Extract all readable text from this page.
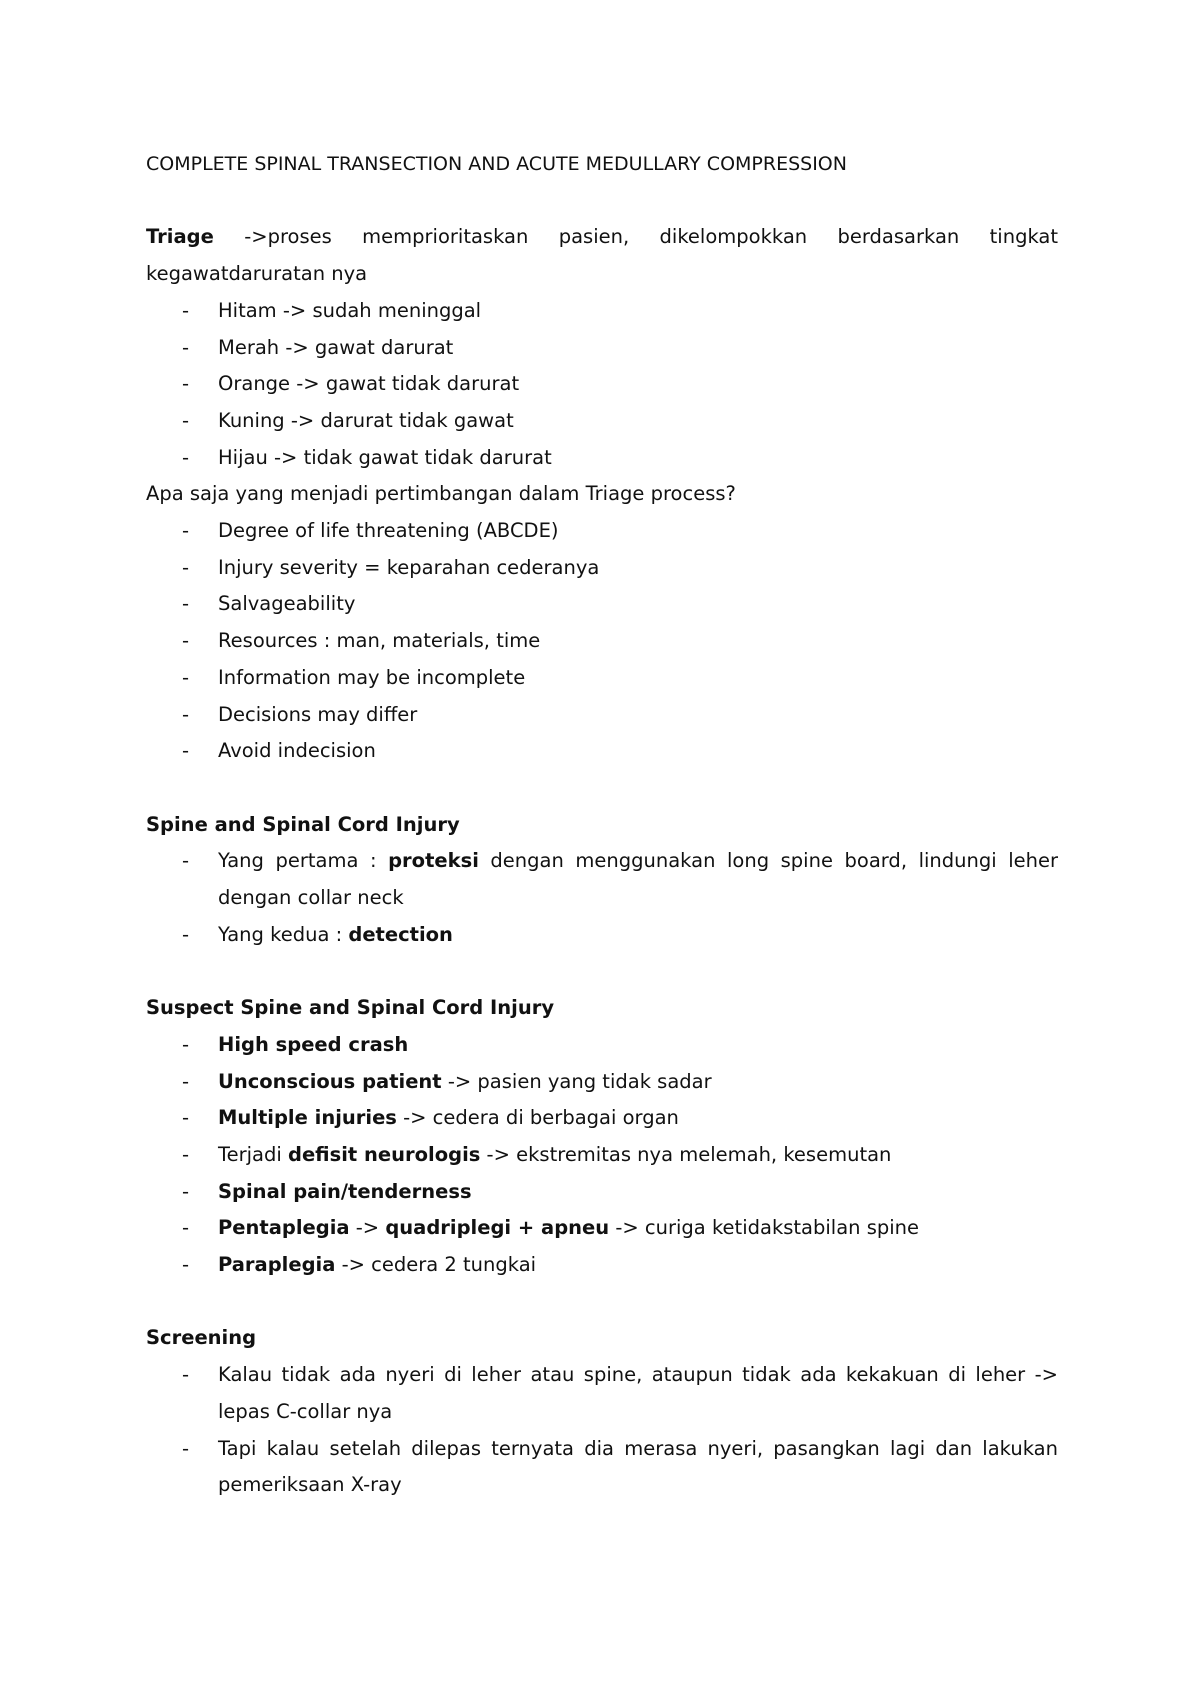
COMPLETE SPINAL TRANSECTION AND ACUTE MEDULLARY COMPRESSION

Triage ->proses memprioritaskan pasien, dikelompokkan berdasarkan tingkat kegawatdaruratan nya

- Hitam -> sudah meninggal
- Merah -> gawat darurat
- Orange -> gawat tidak darurat
- Kuning -> darurat tidak gawat
- Hijau -> tidak gawat tidak darurat

Apa saja yang menjadi pertimbangan dalam Triage process?

- Degree of life threatening (ABCDE)
- Injury severity = keparahan cederanya
- Salvageability
- Resources : man, materials, time
- Information may be incomplete
- Decisions may differ
- Avoid indecision

Spine and Spinal Cord Injury

- Yang pertama : proteksi dengan menggunakan long spine board, lindungi leher dengan collar neck
- Yang kedua : detection

Suspect Spine and Spinal Cord Injury

- High speed crash
- Unconscious patient -> pasien yang tidak sadar
- Multiple injuries -> cedera di berbagai organ
- Terjadi defisit neurologis -> ekstremitas nya melemah, kesemutan
- Spinal pain/tenderness
- Pentaplegia -> quadriplegi + apneu -> curiga ketidakstabilan spine
- Paraplegia -> cedera 2 tungkai

Screening

- Kalau tidak ada nyeri di leher atau spine, ataupun tidak ada kekakuan di leher -> lepas C-collar nya
- Tapi kalau setelah dilepas ternyata dia merasa nyeri, pasangkan lagi dan lakukan pemeriksaan X-ray
